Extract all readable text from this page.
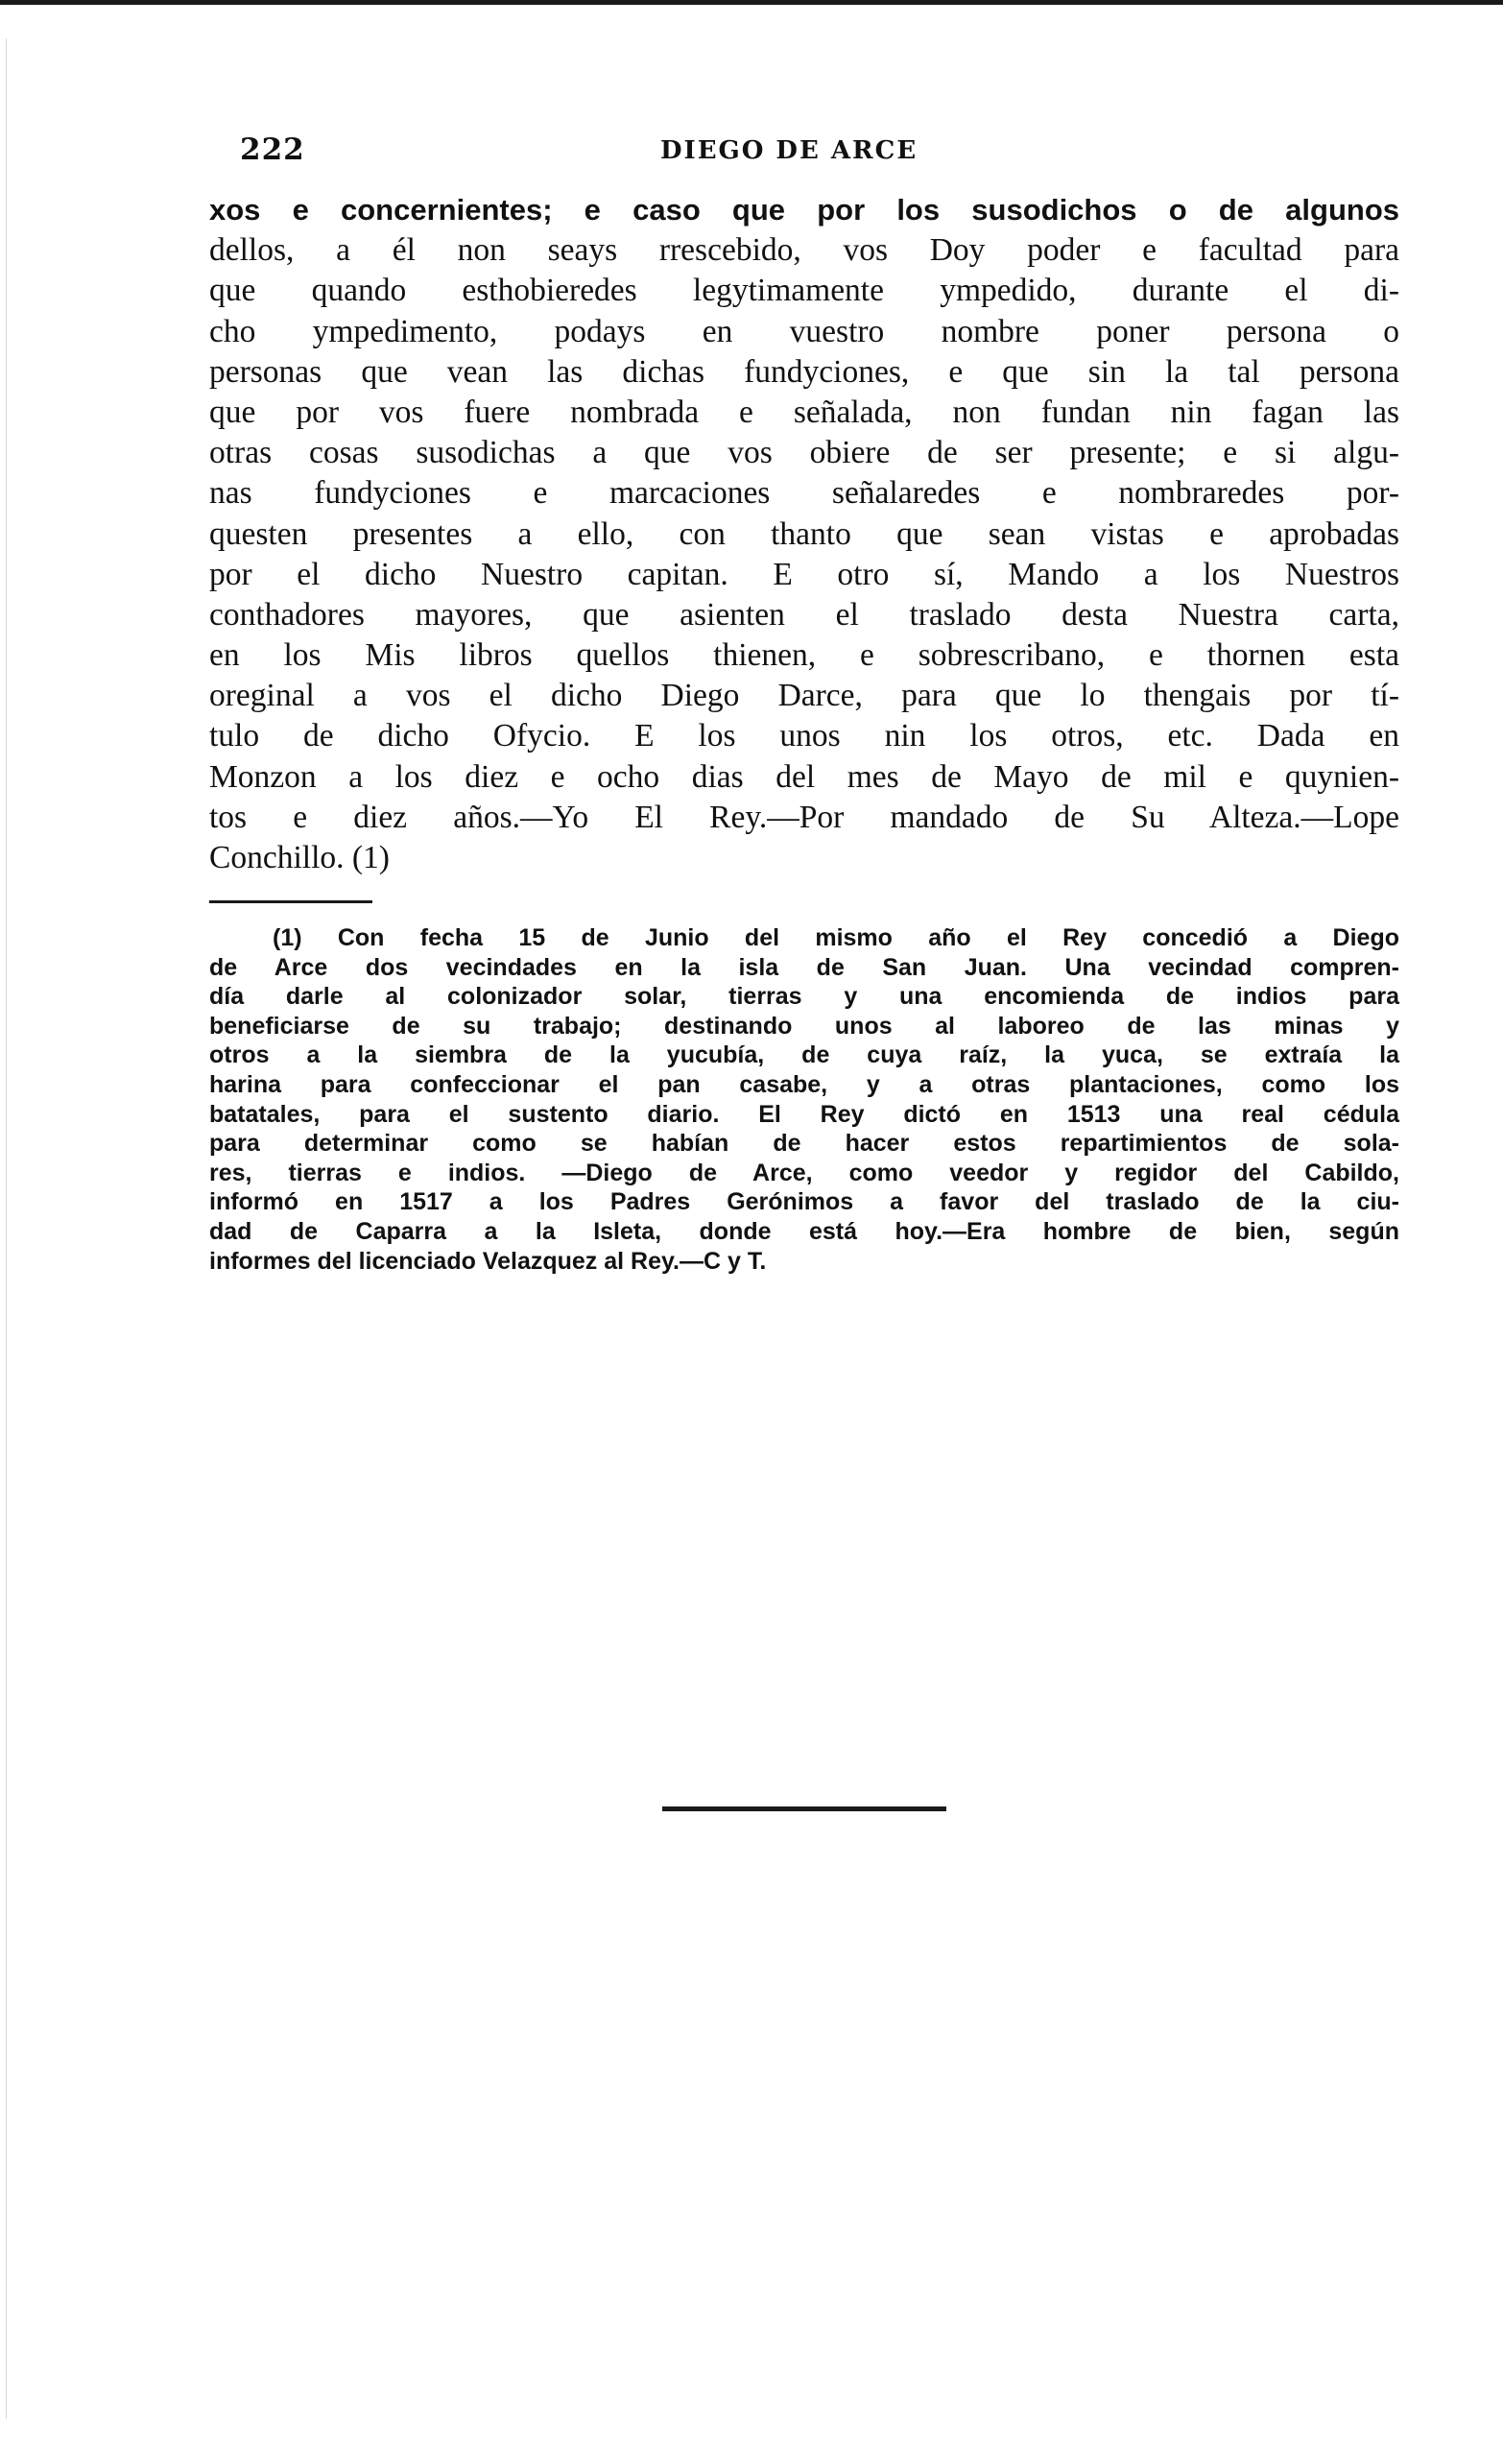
222	DIEGO DE ARCE
xos e concernientes; e caso que por los susodichos o de algunos
dellos, a él non seays rrescebido, vos Doy poder e facultad para
que quando esthobieredes legytimamente ympedido, durante el di-
cho ympedimento, podays en vuestro nombre poner persona o
personas que vean las dichas fundyciones, e que sin la tal persona
que por vos fuere nombrada e señalada, non fundan nin fagan las
otras cosas susodichas a que vos obiere de ser presente; e si algu-
nas fundyciones e marcaciones señalaredes e nombraredes por-
questen presentes a ello, con thanto que sean vistas e aprobadas
por el dicho Nuestro capitan. E otro sí, Mando a los Nuestros
conthadores mayores, que asienten el traslado desta Nuestra carta,
en los Mis libros quellos thienen, e sobrescribano, e thornen esta
oreginal a vos el dicho Diego Darce, para que lo thengais por tí-
tulo de dicho Ofycio. E los unos nin los otros, etc. Dada en
Monzon a los diez e ocho dias del mes de Mayo de mil e quynien-
tos e diez años.—Yo El Rey.—Por mandado de Su Alteza.—Lope
Conchillo. (1)
(1) Con fecha 15 de Junio del mismo año el Rey concedió a Diego
de Arce dos vecindades en la isla de San Juan. Una vecindad compren-
día darle al colonizador solar, tierras y una encomienda de indios para
beneficiarse de su trabajo; destinando unos al laboreo de las minas y
otros a la siembra de la yucubía, de cuya raíz, la yuca, se extraía la
harina para confeccionar el pan casabe, y a otras plantaciones, como los
batatales, para el sustento diario. El Rey dictó en 1513 una real cédula
para determinar como se habían de hacer estos repartimientos de sola-
res, tierras e indios. —Diego de Arce, como veedor y regidor del Cabildo,
informó en 1517 a los Padres Gerónimos a favor del traslado de la ciu-
dad de Caparra a la Isleta, donde está hoy.—Era hombre de bien, según
informes del licenciado Velazquez al Rey.—C y T.
